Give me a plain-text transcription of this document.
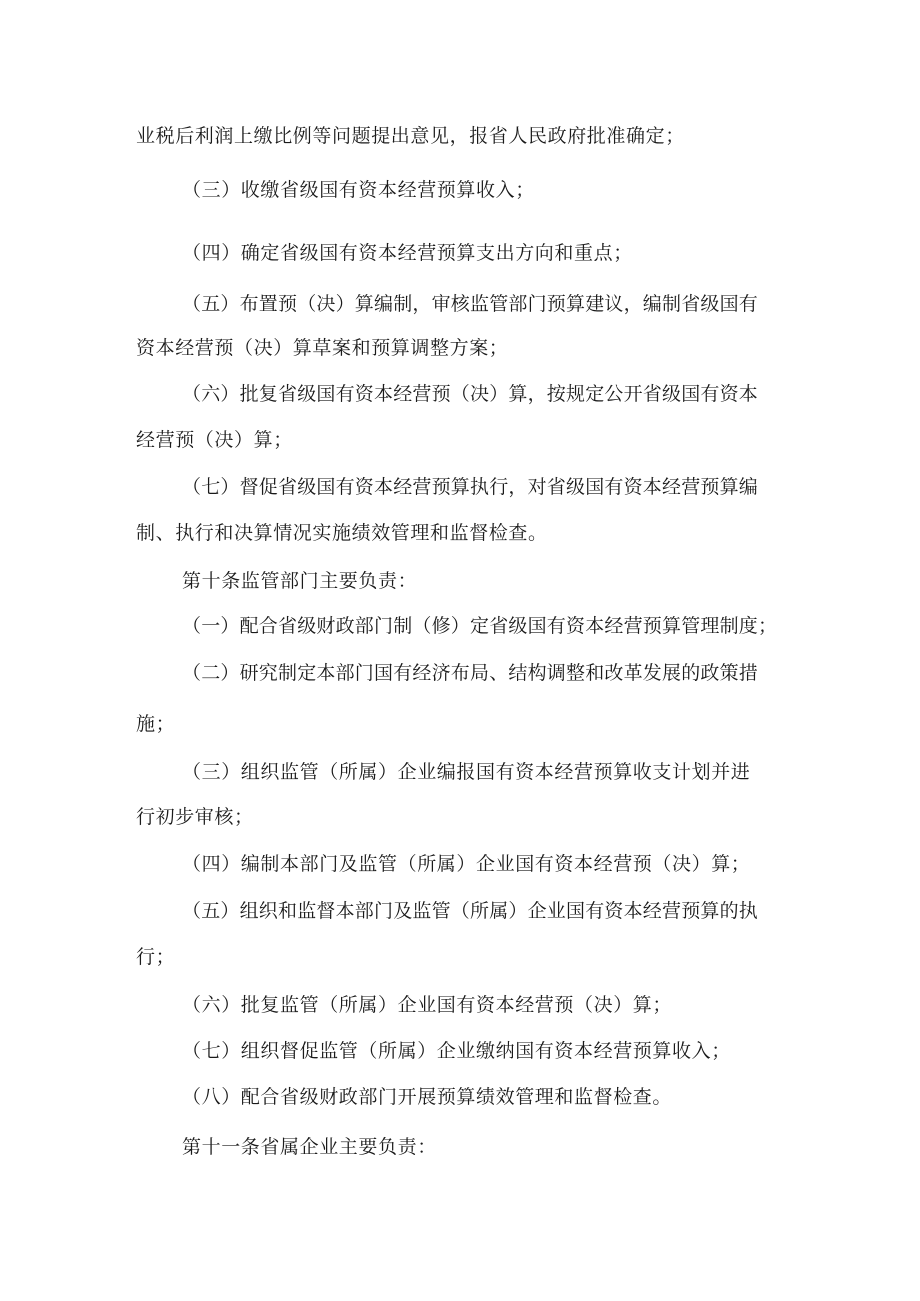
业税后利润上缴比例等问题提出意见，报省人民政府批准确定；
（三）收缴省级国有资本经营预算收入；
（四）确定省级国有资本经营预算支出方向和重点；
（五）布置预（决）算编制，审核监管部门预算建议，编制省级国有
资本经营预（决）算草案和预算调整方案；
（六）批复省级国有资本经营预（决）算，按规定公开省级国有资本
经营预（决）算；
（七）督促省级国有资本经营预算执行，对省级国有资本经营预算编
制、执行和决算情况实施绩效管理和监督检查。
第十条监管部门主要负责：
（一）配合省级财政部门制（修）定省级国有资本经营预算管理制度；
（二）研究制定本部门国有经济布局、结构调整和改革发展的政策措
施；
（三）组织监管（所属）企业编报国有资本经营预算收支计划并进
行初步审核；
（四）编制本部门及监管（所属）企业国有资本经营预（决）算；
（五）组织和监督本部门及监管（所属）企业国有资本经营预算的执
行；
（六）批复监管（所属）企业国有资本经营预（决）算；
（七）组织督促监管（所属）企业缴纳国有资本经营预算收入；
（八）配合省级财政部门开展预算绩效管理和监督检查。
第十一条省属企业主要负责：
